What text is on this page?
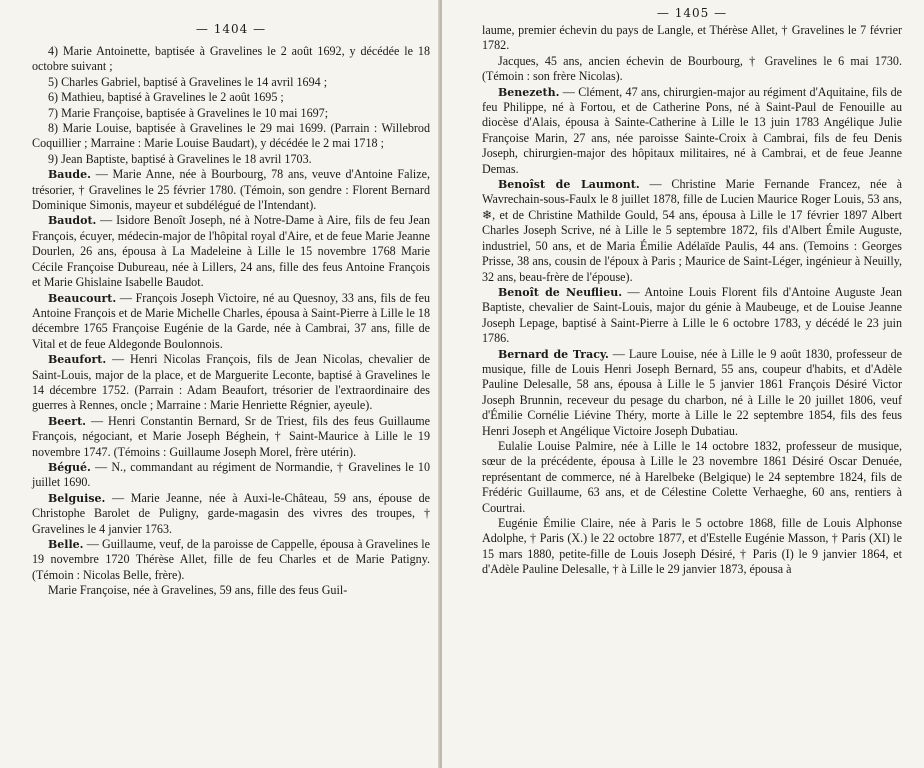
— 1404 —

4) Marie Antoinette, baptisée à Gravelines le 2 août 1692, y décédée le 18 octobre suivant ;

5) Charles Gabriel, baptisé à Gravelines le 14 avril 1694 ;

6) Mathieu, baptisé à Gravelines le 2 août 1695 ;

7) Marie Françoise, baptisée à Gravelines le 10 mai 1697;

8) Marie Louise, baptisée à Gravelines le 29 mai 1699. (Parrain : Willebrod Coquillier ; Marraine : Marie Louise Baudart), y décédée le 2 mai 1718 ;

9) Jean Baptiste, baptisé à Gravelines le 18 avril 1703.

Baude. — Marie Anne, née à Bourbourg, 78 ans, veuve d'Antoine Falize, trésorier, † Gravelines le 25 février 1780. (Témoin, son gendre : Florent Bernard Dominique Simonis, mayeur et subdélégué de l'Intendant).

Baudot. — Isidore Benoît Joseph, né à Notre-Dame à Aire, fils de feu Jean François, écuyer, médecin-major de l'hôpital royal d'Aire, et de feue Marie Jeanne Dourlen, 26 ans, épousa à La Madeleine à Lille le 15 novembre 1768 Marie Cécile Françoise Dubureau, née à Lillers, 24 ans, fille des feus Antoine François et Marie Ghislaine Isabelle Baudot.

Beaucourt. — François Joseph Victoire, né au Quesnoy, 33 ans, fils de feu Antoine François et de Marie Michelle Charles, épousa à Saint-Pierre à Lille le 18 décembre 1765 Françoise Eugénie de la Garde, née à Cambrai, 37 ans, fille de Vital et de feue Aldegonde Boulonnois.

Beaufort. — Henri Nicolas François, fils de Jean Nicolas, chevalier de Saint-Louis, major de la place, et de Marguerite Leconte, baptisé à Gravelines le 14 décembre 1752. (Parrain : Adam Beaufort, trésorier de l'extraordinaire des guerres à Rennes, oncle ; Marraine : Marie Henriette Régnier, ayeule).

Beert. — Henri Constantin Bernard, Sr de Triest, fils des feus Guillaume François, négociant, et Marie Joseph Béghein, † Saint-Maurice à Lille le 19 novembre 1747. (Témoins : Guillaume Joseph Morel, frère utérin).

Bégué. — N., commandant au régiment de Normandie, † Gravelines le 10 juillet 1690.

Belguise. — Marie Jeanne, née à Auxi-le-Château, 59 ans, épouse de Christophe Barolet de Puligny, garde-magasin des vivres des troupes, † Gravelines le 4 janvier 1763.

Belle. — Guillaume, veuf, de la paroisse de Cappelle, épousa à Gravelines le 19 novembre 1720 Thérèse Allet, fille de feu Charles et de Marie Patigny. (Témoin : Nicolas Belle, frère).

Marie Françoise, née à Gravelines, 59 ans, fille des feus Guil-

— 1405 —

laume, premier échevin du pays de Langle, et Thérèse Allet, † Gravelines le 7 février 1782.

Jacques, 45 ans, ancien échevin de Bourbourg, † Gravelines le 6 mai 1730. (Témoin : son frère Nicolas).

Benezeth. — Clément, 47 ans, chirurgien-major au régiment d'Aquitaine, fils de feu Philippe, né à Fortou, et de Catherine Pons, né à Saint-Paul de Fenouille au diocèse d'Alais, épousa à Sainte-Catherine à Lille le 13 juin 1783 Angélique Julie Françoise Marin, 27 ans, née paroisse Sainte-Croix à Cambrai, fils de feu Denis Joseph, chirurgien-major des hôpitaux militaires, né à Cambrai, et de feue Jeanne Demas.

Benoîst de Laumont. — Christine Marie Fernande Francez, née à Wavrechain-sous-Faulx le 8 juillet 1878, fille de Lucien Maurice Roger Louis, 53 ans, ❄, et de Christine Mathilde Gould, 54 ans, épousa à Lille le 17 février 1897 Albert Charles Joseph Scrive, né à Lille le 5 septembre 1872, fils d'Albert Émile Auguste, industriel, 50 ans, et de Maria Émilie Adélaïde Paulis, 44 ans. (Temoins : Georges Prisse, 38 ans, cousin de l'époux à Paris ; Maurice de Saint-Léger, ingénieur à Neuilly, 32 ans, beau-frère de l'épouse).

Benoît de Neuflieu. — Antoine Louis Florent fils d'Antoine Auguste Jean Baptiste, chevalier de Saint-Louis, major du génie à Maubeuge, et de Louise Jeanne Joseph Lepage, baptisé à Saint-Pierre à Lille le 6 octobre 1783, y décédé le 23 juin 1786.

Bernard de Tracy. — Laure Louise, née à Lille le 9 août 1830, professeur de musique, fille de Louis Henri Joseph Bernard, 55 ans, coupeur d'habits, et d'Adèle Pauline Delesalle, 58 ans, épousa à Lille le 5 janvier 1861 François Désiré Victor Joseph Brunnin, receveur du pesage du charbon, né à Lille le 20 juillet 1806, veuf d'Émilie Cornélie Liévine Théry, morte à Lille le 22 septembre 1854, fils des feus Henri Joseph et Angélique Victoire Joseph Dubatiau.

Eulalie Louise Palmire, née à Lille le 14 octobre 1832, professeur de musique, sœur de la précédente, épousa à Lille le 23 novembre 1861 Désiré Oscar Denuée, représentant de commerce, né à Harelbeke (Belgique) le 24 septembre 1824, fils de Frédéric Guillaume, 63 ans, et de Célestine Colette Verhaeghe, 60 ans, rentiers à Courtrai.

Eugénie Émilie Claire, née à Paris le 5 octobre 1868, fille de Louis Alphonse Adolphe, † Paris (X.) le 22 octobre 1877, et d'Estelle Eugénie Masson, † Paris (XI) le 15 mars 1880, petite-fille de Louis Joseph Désiré, † Paris (I) le 9 janvier 1864, et d'Adèle Pauline Delesalle, † à Lille le 29 janvier 1873, épousa à
